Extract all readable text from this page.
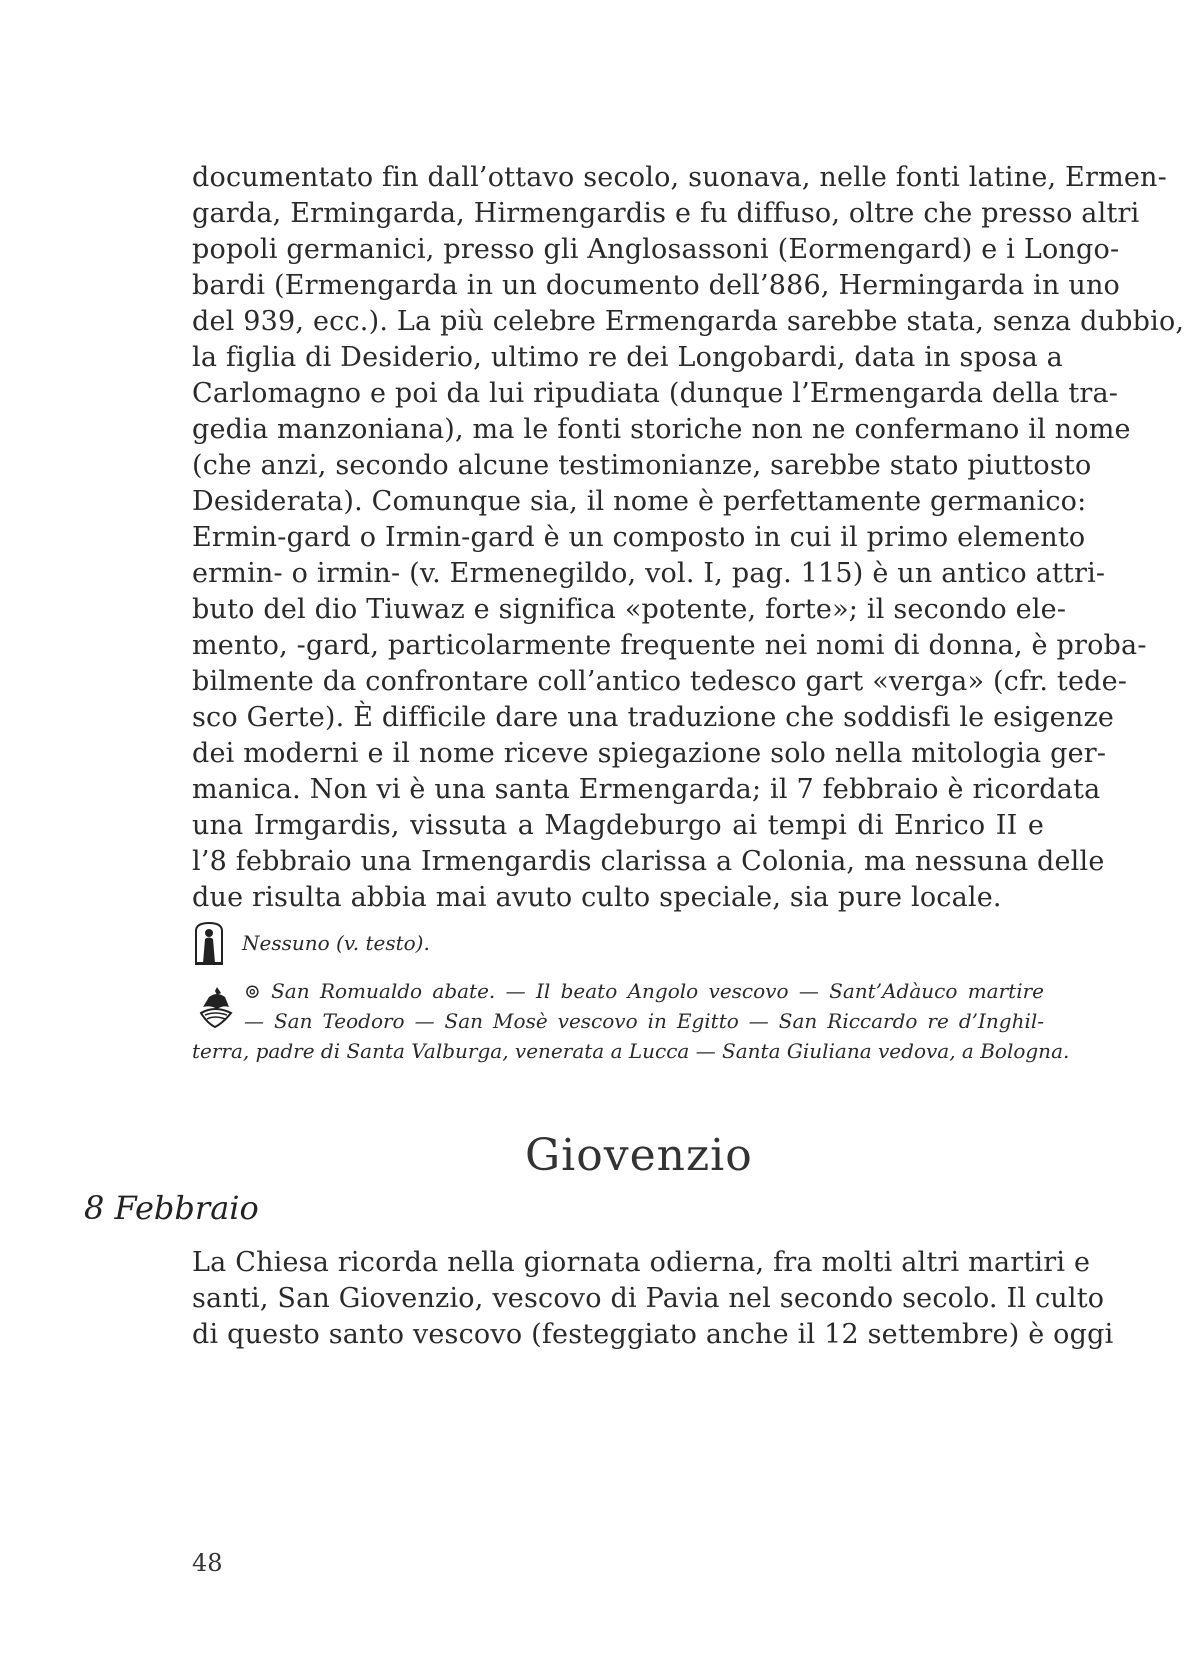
documentato fin dall’ottavo secolo, suonava, nelle fonti latine, Ermen-
garda, Ermingarda, Hirmengardis e fu diffuso, oltre che presso altri
popoli germanici, presso gli Anglosassoni (Eormengard) e i Longo-
bardi (Ermengarda in un documento dell’886, Hermingarda in uno
del 939, ecc.). La più celebre Ermengarda sarebbe stata, senza dubbio,
la figlia di Desiderio, ultimo re dei Longobardi, data in sposa a
Carlomagno e poi da lui ripudiata (dunque l’Ermengarda della tra-
gedia manzoniana), ma le fonti storiche non ne confermano il nome
(che anzi, secondo alcune testimonianze, sarebbe stato piuttosto
Desiderata). Comunque sia, il nome è perfettamente germanico:
Ermin-gard o Irmin-gard è un composto in cui il primo elemento
ermin- o irmin- (v. Ermenegildo, vol. I, pag. 115) è un antico attri-
buto del dio Tiuwaz e significa «potente, forte»; il secondo ele-
mento, -gard, particolarmente frequente nei nomi di donna, è proba-
bilmente da confrontare coll’antico tedesco gart «verga» (cfr. tede-
sco Gerte). È difficile dare una traduzione che soddisfi le esigenze
dei moderni e il nome riceve spiegazione solo nella mitologia ger-
manica. Non vi è una santa Ermengarda; il 7 febbraio è ricordata
una Irmgardis, vissuta a Magdeburgo ai tempi di Enrico II e
l’8 febbraio una Irmengardis clarissa a Colonia, ma nessuna delle
due risulta abbia mai avuto culto speciale, sia pure locale.
Nessuno (v. testo).
⊚ San Romualdo abate. — Il beato Angolo vescovo — Sant’Adàuco martire
— San Teodoro — San Mosè vescovo in Egitto — San Riccardo re d’Inghil-
terra, padre di Santa Valburga, venerata a Lucca — Santa Giuliana vedova, a Bologna.
Giovenzio
8 Febbraio
La Chiesa ricorda nella giornata odierna, fra molti altri martiri e
santi, San Giovenzio, vescovo di Pavia nel secondo secolo. Il culto
di questo santo vescovo (festeggiato anche il 12 settembre) è oggi
48
